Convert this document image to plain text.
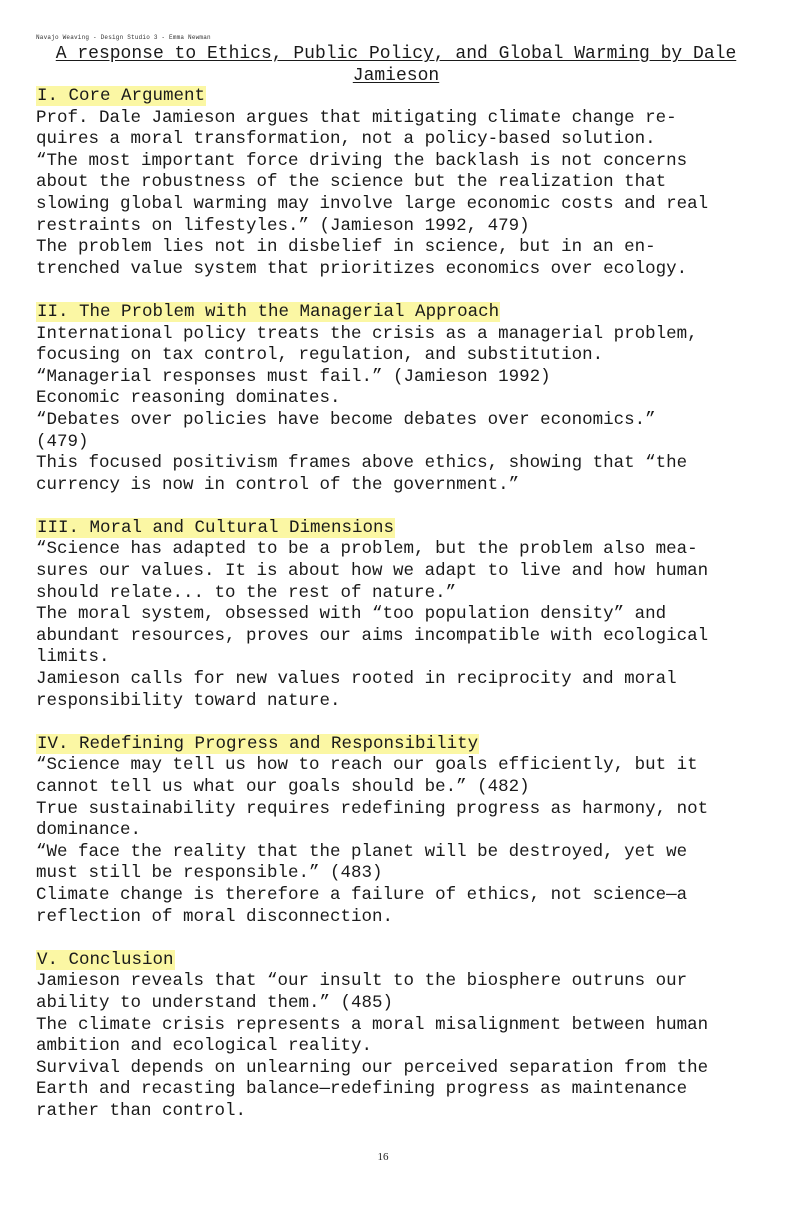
Navajo Weaving - Design Studio 3 - Emma Newman
A response to Ethics, Public Policy, and Global Warming by Dale
Jamieson
I. Core Argument
Prof. Dale Jamieson argues that mitigating climate change re-
quires a moral transformation, not a policy-based solution.
“The most important force driving the backlash is not concerns
about the robustness of the science but the realization that
slowing global warming may involve large economic costs and real
restraints on lifestyles.” (Jamieson 1992, 479)
The problem lies not in disbelief in science, but in an en-
trenched value system that prioritizes economics over ecology.
II. The Problem with the Managerial Approach
International policy treats the crisis as a managerial problem,
focusing on tax control, regulation, and substitution.
“Managerial responses must fail.” (Jamieson 1992)
Economic reasoning dominates.
“Debates over policies have become debates over economics.”
(479)
This focused positivism frames above ethics, showing that “the
currency is now in control of the government.”
III. Moral and Cultural Dimensions
“Science has adapted to be a problem, but the problem also mea-
sures our values. It is about how we adapt to live and how human
should relate... to the rest of nature.”
The moral system, obsessed with “too population density” and
abundant resources, proves our aims incompatible with ecological
limits.
Jamieson calls for new values rooted in reciprocity and moral
responsibility toward nature.
IV. Redefining Progress and Responsibility
“Science may tell us how to reach our goals efficiently, but it
cannot tell us what our goals should be.” (482)
True sustainability requires redefining progress as harmony, not
dominance.
“We face the reality that the planet will be destroyed, yet we
must still be responsible.” (483)
Climate change is therefore a failure of ethics, not science—a
reflection of moral disconnection.
V. Conclusion
Jamieson reveals that “our insult to the biosphere outruns our
ability to understand them.” (485)
The climate crisis represents a moral misalignment between human
ambition and ecological reality.
Survival depends on unlearning our perceived separation from the
Earth and recasting balance—redefining progress as maintenance
rather than control.
16
